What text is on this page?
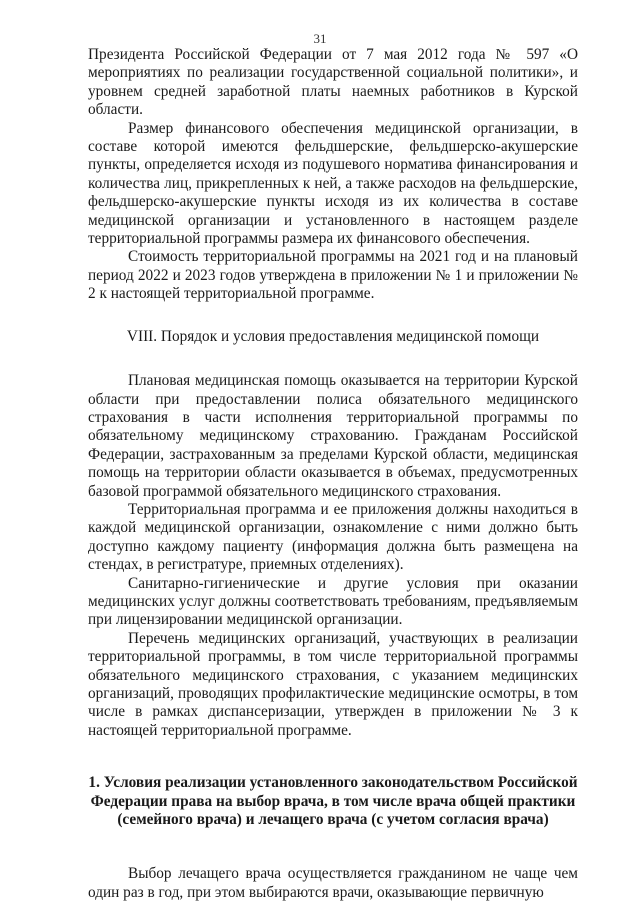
31

Президента Российской Федерации от 7 мая 2012 года № 597 «О мероприятиях по реализации государственной социальной политики», и уровнем средней заработной платы наемных работников в Курской области.

Размер финансового обеспечения медицинской организации, в составе которой имеются фельдшерские, фельдшерско-акушерские пункты, определяется исходя из подушевого норматива финансирования и количества лиц, прикрепленных к ней, а также расходов на фельдшерские, фельдшерско-акушерские пункты исходя из их количества в составе медицинской организации и установленного в настоящем разделе территориальной программы размера их финансового обеспечения.

Стоимость территориальной программы на 2021 год и на плановый период 2022 и 2023 годов утверждена в приложении № 1 и приложении № 2 к настоящей территориальной программе.

VIII. Порядок и условия предоставления медицинской помощи

Плановая медицинская помощь оказывается на территории Курской области при предоставлении полиса обязательного медицинского страхования в части исполнения территориальной программы по обязательному медицинскому страхованию. Гражданам Российской Федерации, застрахованным за пределами Курской области, медицинская помощь на территории области оказывается в объемах, предусмотренных базовой программой обязательного медицинского страхования.

Территориальная программа и ее приложения должны находиться в каждой медицинской организации, ознакомление с ними должно быть доступно каждому пациенту (информация должна быть размещена на стендах, в регистратуре, приемных отделениях).

Санитарно-гигиенические и другие условия при оказании медицинских услуг должны соответствовать требованиям, предъявляемым при лицензировании медицинской организации.

Перечень медицинских организаций, участвующих в реализации территориальной программы, в том числе территориальной программы обязательного медицинского страхования, с указанием медицинских организаций, проводящих профилактические медицинские осмотры, в том числе в рамках диспансеризации, утвержден в приложении № 3 к настоящей территориальной программе.

1. Условия реализации установленного законодательством Российской Федерации права на выбор врача, в том числе врача общей практики (семейного врача) и лечащего врача (с учетом согласия врача)

Выбор лечащего врача осуществляется гражданином не чаще чем один раз в год, при этом выбираются врачи, оказывающие первичную
